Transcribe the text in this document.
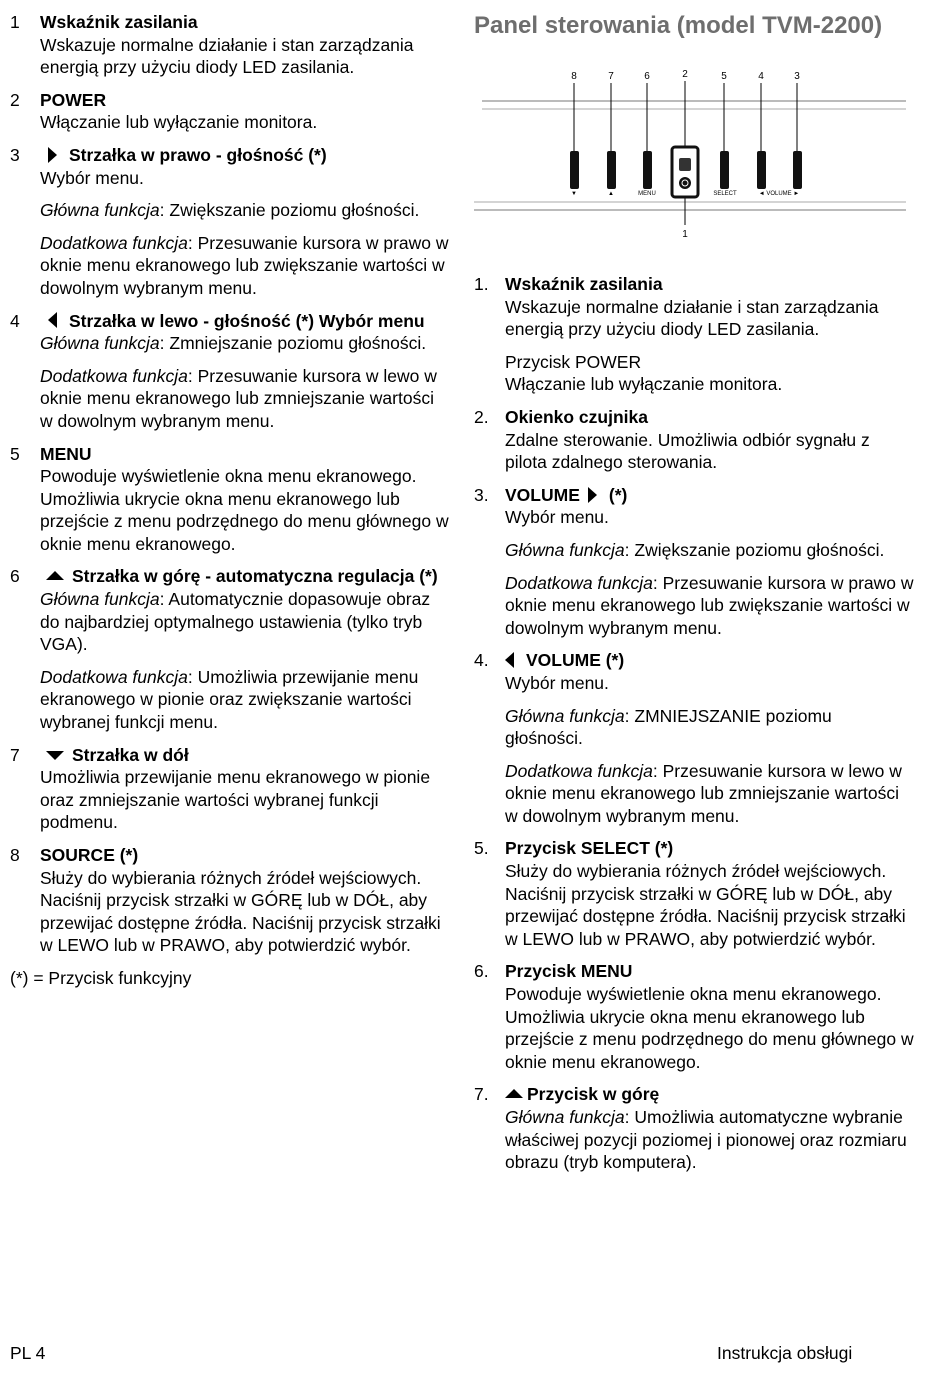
1 Wskaźnik zasilania

Wskazuje normalne działanie i stan zarządzania energią przy użyciu diody LED zasilania.

2 POWER

Włączanie lub wyłączanie monitora.

3	Strzałka w prawo - głośność (*)

Wybór menu.

Główna funkcja: Zwiększanie poziomu głośności.

Dodatkowa funkcja: Przesuwanie kursora w prawo w oknie menu ekranowego lub zwiększanie wartości w dowolnym wybranym menu.

4	Strzałka w lewo - głośność (*) Wybór menu

Główna funkcja: Zmniejszanie poziomu głośności.

Dodatkowa funkcja: Przesuwanie kursora w lewo w oknie menu ekranowego lub zmniejszanie wartości w dowolnym wybranym menu.

5 MENU

Powoduje wyświetlenie okna menu ekranowego. Umożliwia ukrycie okna menu ekranowego lub przejście z menu podrzędnego do menu głównego w oknie menu ekranowego.

6	Strzałka w górę - automatyczna regulacja (*)

Główna funkcja: Automatycznie dopasowuje obraz do najbardziej optymalnego ustawienia (tylko tryb VGA).

Dodatkowa funkcja: Umożliwia przewijanie menu ekranowego w pionie oraz zwiększanie wartości wybranej funkcji menu.

7	Strzałka w dół

Umożliwia przewijanie menu ekranowego w pionie oraz zmniejszanie wartości wybranej funkcji podmenu.

8 SOURCE (*)

Służy do wybierania różnych źródeł wejściowych. Naciśnij przycisk strzałki w GÓRĘ lub w DÓŁ, aby przewijać dostępne źródła. Naciśnij przycisk strzałki w LEWO lub w PRAWO, aby potwierdzić wybór.

(*) = Przycisk funkcyjny
Panel sterowania (model TVM-2200)
8	7	6	2	5	4	3
▼	▲	MENU	SELECT	◄ VOLUME ►
1
1. Wskaźnik zasilania

Wskazuje normalne działanie i stan zarządzania energią przy użyciu diody LED zasilania.

Przycisk POWER
Włączanie lub wyłączanie monitora.

2. Okienko czujnika

Zdalne sterowanie. Umożliwia odbiór sygnału z pilota zdalnego sterowania.

3. VOLUME (*)

Wybór menu.

Główna funkcja: Zwiększanie poziomu głośności.

Dodatkowa funkcja: Przesuwanie kursora w prawo w oknie menu ekranowego lub zwiększanie wartości w dowolnym wybranym menu.

4.	VOLUME (*)

Wybór menu.

Główna funkcja: ZMNIEJSZANIE poziomu głośności.

Dodatkowa funkcja: Przesuwanie kursora w lewo w oknie menu ekranowego lub zmniejszanie wartości w dowolnym wybranym menu.

5. Przycisk SELECT (*)

Służy do wybierania różnych źródeł wejściowych. Naciśnij przycisk strzałki w GÓRĘ lub w DÓŁ, aby przewijać dostępne źródła. Naciśnij przycisk strzałki w LEWO lub w PRAWO, aby potwierdzić wybór.

6. Przycisk MENU

Powoduje wyświetlenie okna menu ekranowego. Umożliwia ukrycie okna menu ekranowego lub przejście z menu podrzędnego do menu głównego w oknie menu ekranowego.

7.	Przycisk w górę

Główna funkcja: Umożliwia automatyczne wybranie właściwej pozycji poziomej i pionowej oraz rozmiaru obrazu (tryb komputera).

PL 4	Instrukcja obsługi
